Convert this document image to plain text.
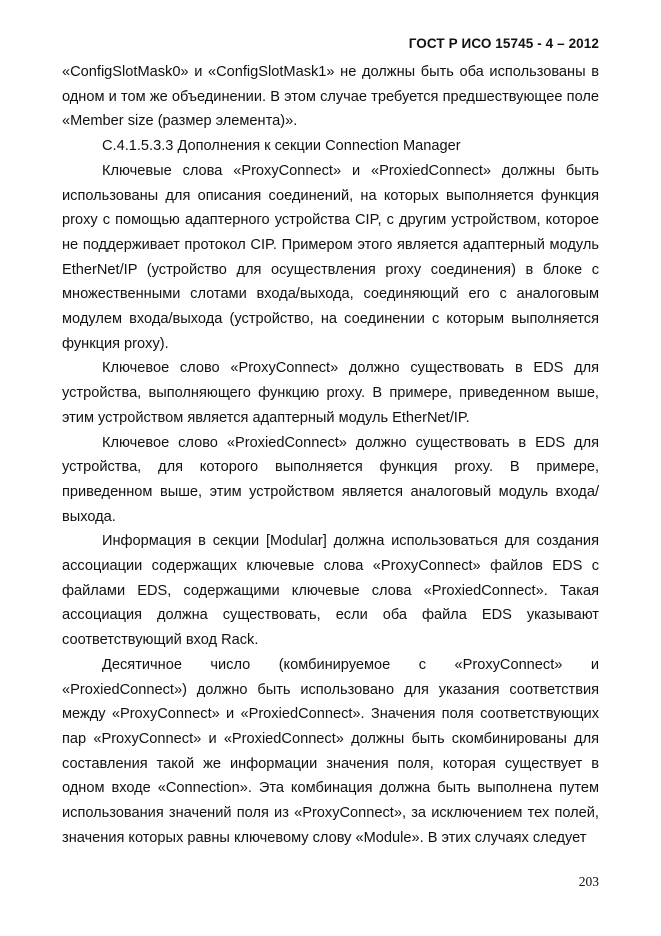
ГОСТ Р ИСО 15745 - 4 – 2012

«ConfigSlotMask0» и «ConfigSlotMask1» не должны быть оба использованы в одном и том же объединении. В этом случае требуется предшествующее поле «Member size (размер элемента)».

С.4.1.5.3.3 Дополнения к секции Connection Manager

Ключевые слова «ProxyConnect» и «ProxiedConnect» должны быть использованы для описания соединений, на которых выполняется функция proxy с помощью адаптерного устройства CIP, с другим устройством, которое не поддерживает протокол CIP. Примером этого является адаптерный модуль EtherNet/IP (устройство для осуществления proxy соединения) в блоке с множественными слотами входа/выхода, соединяющий его с аналоговым модулем входа/выхода (устройство, на соединении с которым выполняется функция proxy).

Ключевое слово «ProxyConnect» должно существовать в EDS для устройства, выполняющего функцию proxy. В примере, приведенном выше, этим устройством является адаптерный модуль EtherNet/IP.

Ключевое слово «ProxiedConnect» должно существовать в EDS для устройства, для которого выполняется функция proxy. В примере, приведенном выше, этим устройством является аналоговый модуль входа/выхода.

Информация в секции [Modular] должна использоваться для создания ассоциации содержащих ключевые слова «ProxyConnect» файлов EDS с файлами EDS, содержащими ключевые слова «ProxiedConnect». Такая ассоциация должна существовать, если оба файла EDS указывают соответствующий вход Rack.

Десятичное число (комбинируемое с «ProxyConnect» и «ProxiedConnect») должно быть использовано для указания соответствия между «ProxyConnect» и «ProxiedConnect». Значения поля соответствующих пар «ProxyConnect» и «ProxiedConnect» должны быть скомбинированы для составления такой же информации значения поля, которая существует в одном входе «Connection». Эта комбинация должна быть выполнена путем использования значений поля из «ProxyConnect», за исключением тех полей, значения которых равны ключевому слову «Module». В этих случаях следует

203
